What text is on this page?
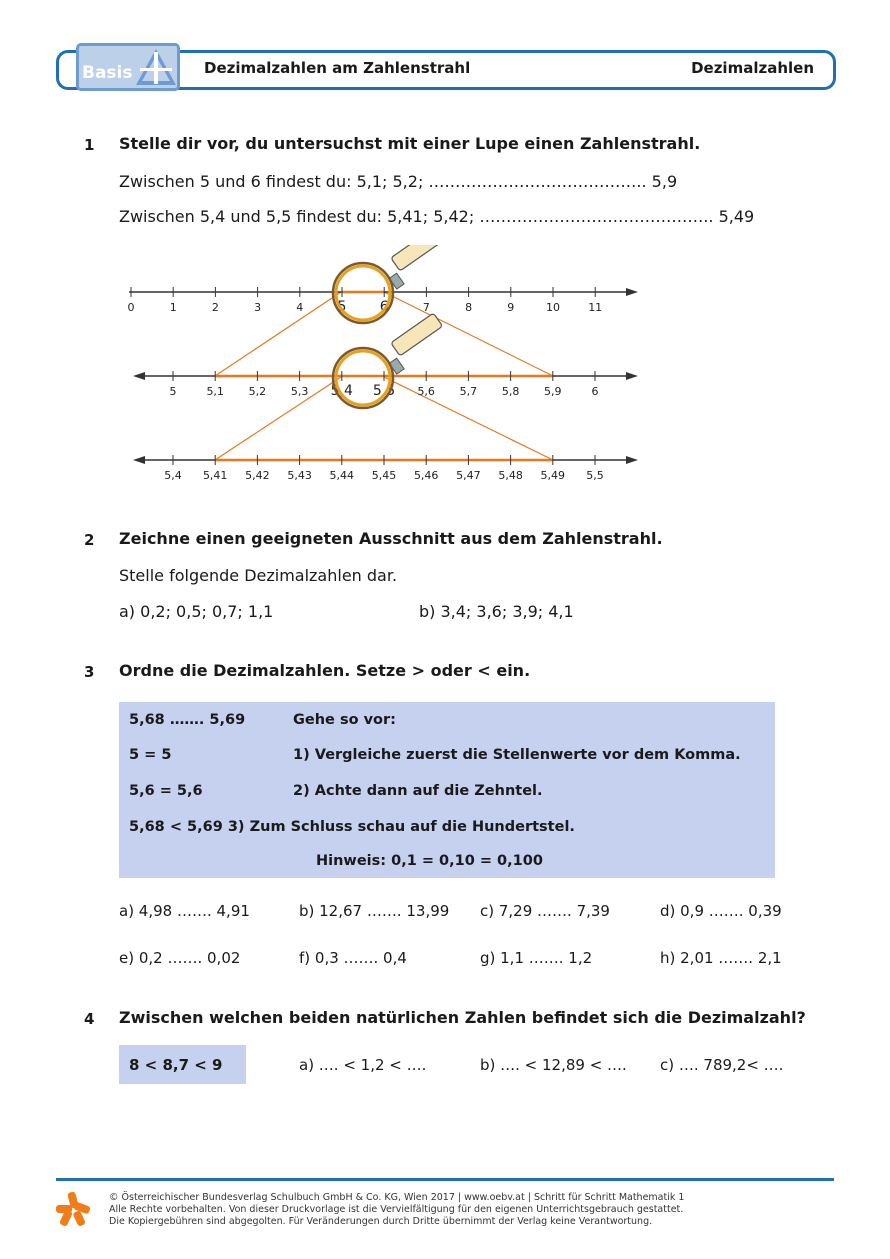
Basis	Dezimalzahlen am Zahlenstrahl	Dezimalzahlen
1 Stelle dir vor, du untersuchst mit einer Lupe einen Zahlenstrahl.
Zwischen 5 und 6 findest du: 5,1; 5,2; ………………………………….. 5,9
Zwischen 5,4 und 5,5 findest du: 5,41; 5,42; …………………………………….. 5,49
0	1	2	3	4 5 6	7	8	9	10	11
5	5,1 5,2 5,3 5,4 5,5 5,6 5,7 5,8 5,9	6
5,4 5,41 5,42 5,43 5,44 5,45 5,46 5,47 5,48 5,49 5,5
2 Zeichne einen geeigneten Ausschnitt aus dem Zahlenstrahl.
Stelle folgende Dezimalzahlen dar.
a) 0,2; 0,5; 0,7; 1,1	b) 3,4; 3,6; 3,9; 4,1
3 Ordne die Dezimalzahlen. Setze > oder < ein.
5,68 ……. 5,69	Gehe so vor:
5 = 5	1) Vergleiche zuerst die Stellenwerte vor dem Komma.
5,6 = 5,6	2) Achte dann auf die Zehntel.
5,68 < 5,69 3) Zum Schluss schau auf die Hundertstel.
Hinweis: 0,1 = 0,10 = 0,100
a) 4,98 ……. 4,91	b) 12,67 ……. 13,99 c) 7,29 ……. 7,39	d) 0,9 ……. 0,39
e) 0,2 ……. 0,02	f) 0,3 ……. 0,4	g) 1,1 ……. 1,2	h) 2,01 ……. 2,1
4 Zwischen welchen beiden natürlichen Zahlen befindet sich die Dezimalzahl?
8 < 8,7 < 9	a) …. < 1,2 < ….	b) …. < 12,89 < …. c) …. 789,2< ….
© Österreichischer Bundesverlag Schulbuch GmbH & Co. KG, Wien 2017 | www.oebv.at | Schritt für Schritt Mathematik 1
Alle Rechte vorbehalten. Von dieser Druckvorlage ist die Vervielfältigung für den eigenen Unterrichtsgebrauch gestattet.
Die Kopiergebühren sind abgegolten. Für Veränderungen durch Dritte übernimmt der Verlag keine Verantwortung.
